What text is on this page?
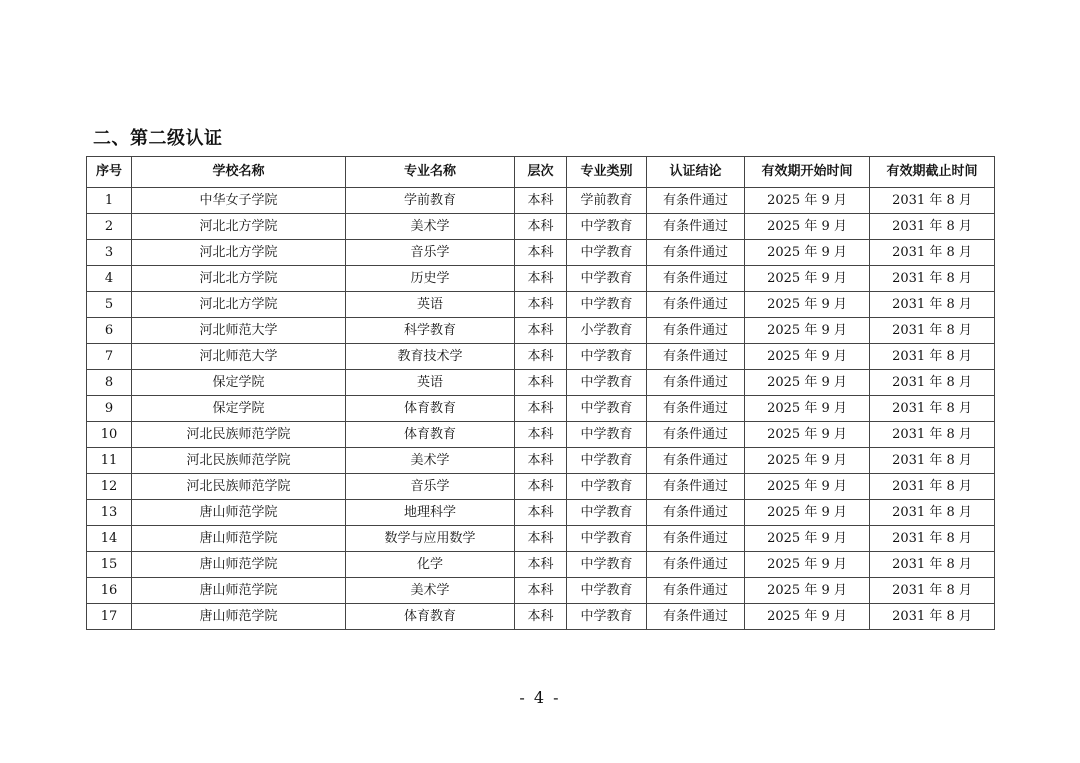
二、第二级认证
序号	学校名称	专业名称	层次	专业类别	认证结论	有效期开始时间	有效期截止时间
1	中华女子学院	学前教育	本科	学前教育	有条件通过	2025 年 9 月	2031 年 8 月
2	河北北方学院	美术学	本科	中学教育	有条件通过	2025 年 9 月	2031 年 8 月
3	河北北方学院	音乐学	本科	中学教育	有条件通过	2025 年 9 月	2031 年 8 月
4	河北北方学院	历史学	本科	中学教育	有条件通过	2025 年 9 月	2031 年 8 月
5	河北北方学院	英语	本科	中学教育	有条件通过	2025 年 9 月	2031 年 8 月
6	河北师范大学	科学教育	本科	小学教育	有条件通过	2025 年 9 月	2031 年 8 月
7	河北师范大学	教育技术学	本科	中学教育	有条件通过	2025 年 9 月	2031 年 8 月
8	保定学院	英语	本科	中学教育	有条件通过	2025 年 9 月	2031 年 8 月
9	保定学院	体育教育	本科	中学教育	有条件通过	2025 年 9 月	2031 年 8 月
10	河北民族师范学院	体育教育	本科	中学教育	有条件通过	2025 年 9 月	2031 年 8 月
11	河北民族师范学院	美术学	本科	中学教育	有条件通过	2025 年 9 月	2031 年 8 月
12	河北民族师范学院	音乐学	本科	中学教育	有条件通过	2025 年 9 月	2031 年 8 月
13	唐山师范学院	地理科学	本科	中学教育	有条件通过	2025 年 9 月	2031 年 8 月
14	唐山师范学院	数学与应用数学	本科	中学教育	有条件通过	2025 年 9 月	2031 年 8 月
15	唐山师范学院	化学	本科	中学教育	有条件通过	2025 年 9 月	2031 年 8 月
16	唐山师范学院	美术学	本科	中学教育	有条件通过	2025 年 9 月	2031 年 8 月
17	唐山师范学院	体育教育	本科	中学教育	有条件通过	2025 年 9 月	2031 年 8 月
- 4 -
